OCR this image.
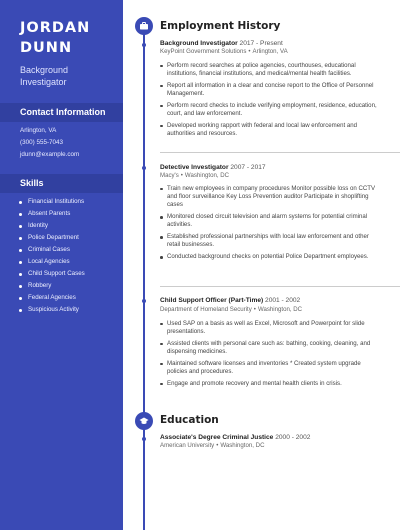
JORDAN
DUNN
Background
Investigator
Contact Information
Arlington, VA
(300) 555-7043
jdunn@example.com
Skills
Financial Institutions
Absent Parents
Identity
Police Department
Criminal Cases
Local Agencies
Child Support Cases
Robbery
Federal Agencies
Suspicious Activity
Employment History
Background Investigator 2017 - Present
KeyPoint Government Solutions • Arlington, VA
Perform record searches at police agencies, courthouses, educational institutions, financial institutions, and medical/mental health facilities.
Report all information in a clear and concise report to the Office of Personnel Management.
Perform record checks to include verifying employment, residence, education, court, and law enforcement.
Developed working rapport with federal and local law enforcement and authorities and resources.
Detective Investigator 2007 - 2017
Macy's • Washington, DC
Train new employees in company procedures Monitor possible loss on CCTV and floor surveillance Key Loss Prevention auditor Participate in shoplifting cases
Monitored closed circuit television and alarm systems for potential criminal activities.
Established professional partnerships with local law enforcement and other retail businesses.
Conducted background checks on potential Police Department employees.
Child Support Officer (Part-Time) 2001 - 2002
Department of Homeland Security • Washington, DC
Used SAP on a basis as well as Excel, Microsoft and Powerpoint for slide presentations.
Assisted clients with personal care such as: bathing, cooking, cleaning, and dispensing medicines.
Maintained software licenses and inventories * Created system upgrade policies and procedures.
Engage and promote recovery and mental health clients in crisis.
Education
Associate's Degree Criminal Justice 2000 - 2002
American University • Washington, DC
